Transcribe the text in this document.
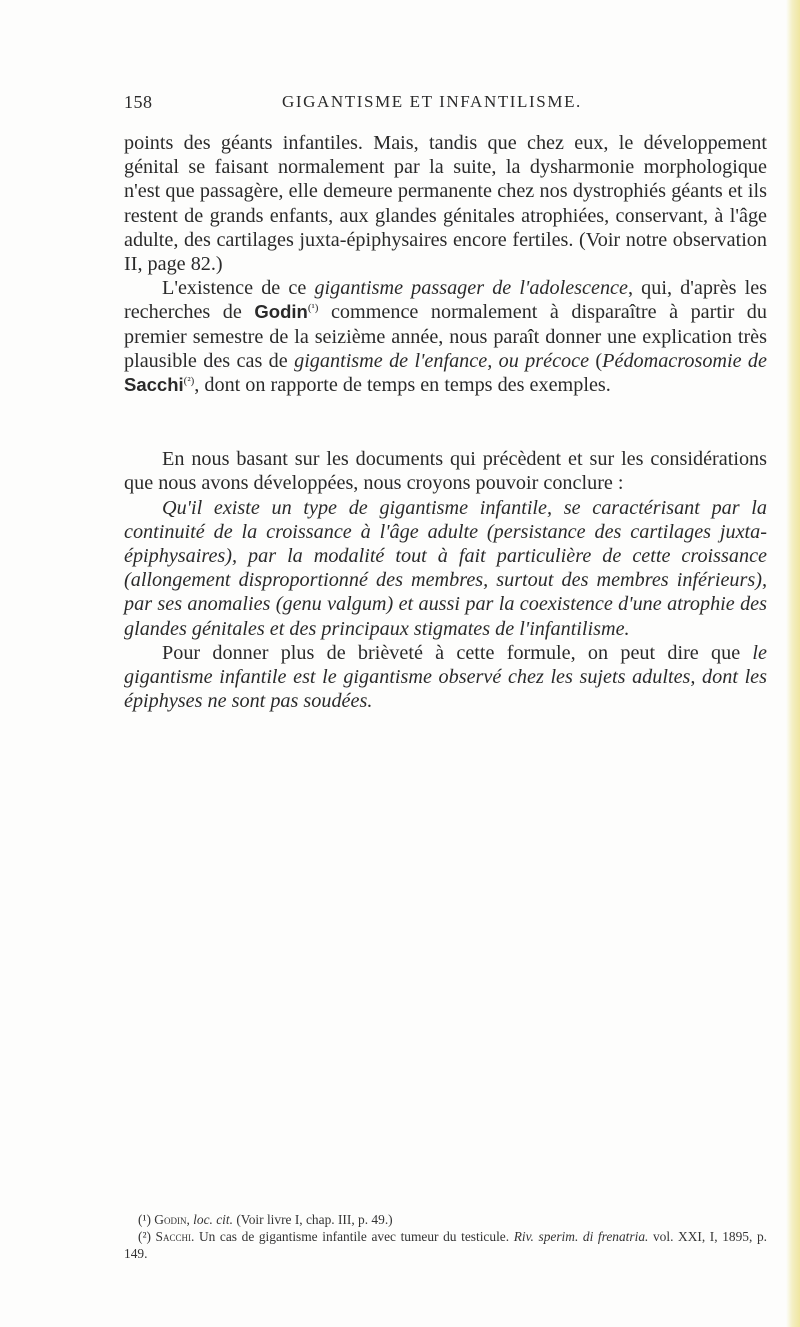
158	GIGANTISME ET INFANTILISME.

points des géants infantiles. Mais, tandis que chez eux, le développement génital se faisant normalement par la suite, la dysharmonie morphologique n'est que passagère, elle demeure permanente chez nos dystrophiés géants et ils restent de grands enfants, aux glandes génitales atrophiées, conservant, à l'âge adulte, des cartilages juxta-épiphysaires encore fertiles. (Voir notre observation II, page 82.)

L'existence de ce gigantisme passager de l'adolescence, qui, d'après les recherches de Godin$^{(^1)}$ commence normalement à disparaître à partir du premier semestre de la seizième année, nous paraît donner une explication très plausible des cas de gigantisme de l'enfance, ou précoce (Pédomacrosomie de Sacchi$^{(^2)}$, dont on rapporte de temps en temps des exemples.

En nous basant sur les documents qui précèdent et sur les considérations que nous avons développées, nous croyons pouvoir conclure :

Qu'il existe un type de gigantisme infantile, se caractérisant par la continuité de la croissance à l'âge adulte (persistance des cartilages juxta-épiphysaires), par la modalité tout à fait particulière de cette croissance (allongement disproportionné des membres, surtout des membres inférieurs), par ses anomalies (genu valgum) et aussi par la coexistence d'une atrophie des glandes génitales et des principaux stigmates de l'infantilisme.

Pour donner plus de brièveté à cette formule, on peut dire que le gigantisme infantile est le gigantisme observé chez les sujets adultes, dont les épiphyses ne sont pas soudées.

(¹) Godin, loc. cit. (Voir livre I, chap. III, p. 49.)

(²) Sacchi. Un cas de gigantisme infantile avec tumeur du testicule. Riv. sperim. di frenatria. vol. XXI, I, 1895, p. 149.
